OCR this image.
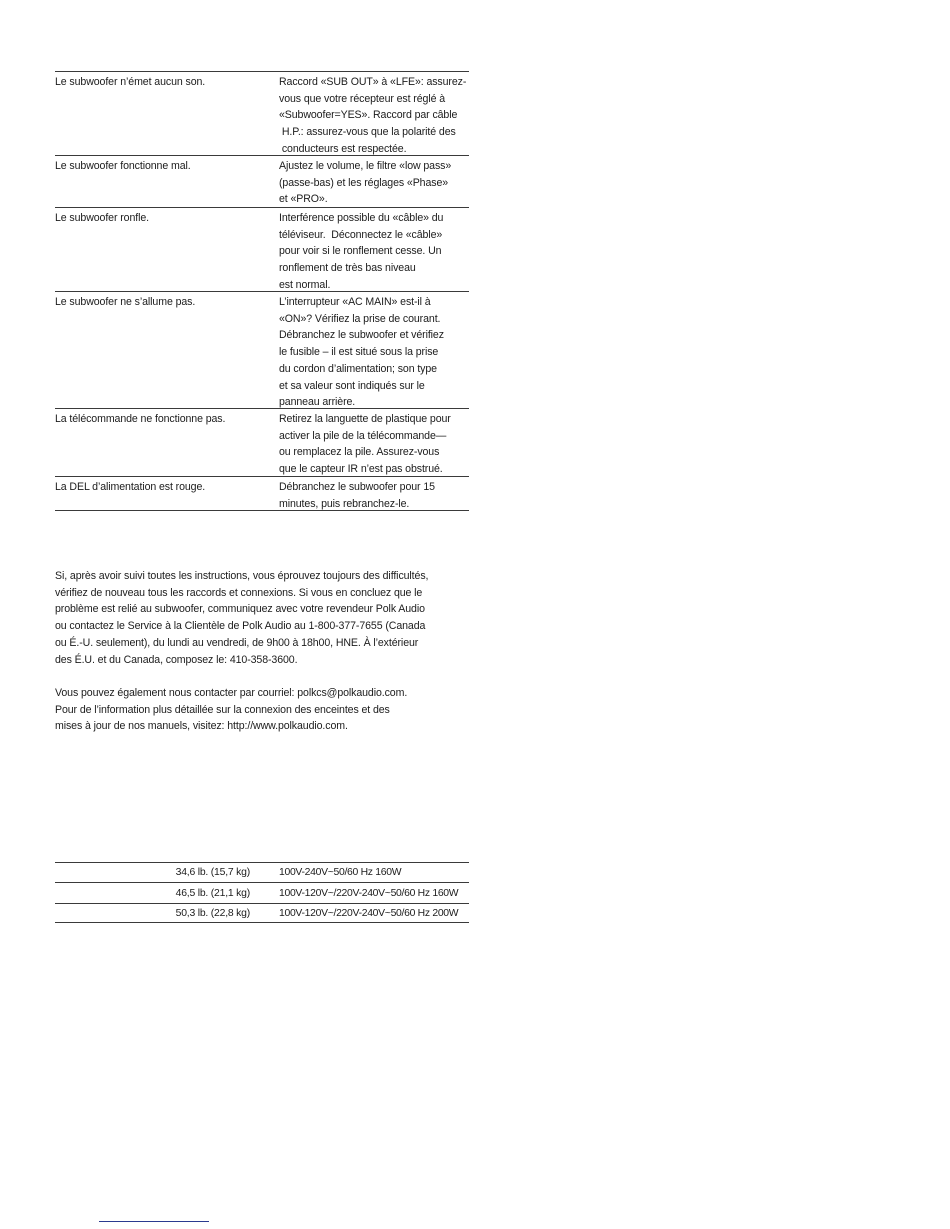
Le subwoofer n’émet aucun son.	Raccord «SUB OUT» à «LFE»: assurez-
vous que votre récepteur est réglé à
«Subwoofer=YES». Raccord par câble
H.P.: assurez-vous que la polarité des
conducteurs est respectée.
Le subwoofer fonctionne mal.	Ajustez le volume, le filtre «low pass»
(passe-bas) et les réglages «Phase»
et «PRO».
Le subwoofer ronfle.	Interférence possible du «câble» du
téléviseur.  Déconnectez le «câble»
pour voir si le ronflement cesse. Un
ronflement de très bas niveau
est normal.
Le subwoofer ne s’allume pas.	L’interrupteur «AC MAIN» est-il à
«ON»? Vérifiez la prise de courant.
Débranchez le subwoofer et vérifiez
le fusible – il est situé sous la prise
du cordon d’alimentation; son type
et sa valeur sont indiqués sur le
panneau arrière.
La télécommande ne fonctionne pas.	Retirez la languette de plastique pour
activer la pile de la télécommande—
ou remplacez la pile. Assurez-vous
que le capteur IR n’est pas obstrué.
La DEL d’alimentation est rouge.	Débranchez le subwoofer pour 15
minutes, puis rebranchez-le.
Si, après avoir suivi toutes les instructions, vous éprouvez toujours des difficultés,
vérifiez de nouveau tous les raccords et connexions. Si vous en concluez que le
problème est relié au subwoofer, communiquez avec votre revendeur Polk Audio
ou contactez le Service à la Clientèle de Polk Audio au 1-800-377-7655 (Canada
ou É.-U. seulement), du lundi au vendredi, de 9h00 à 18h00, HNE. À l’extérieur
des É.U. et du Canada, composez le: 410-358-3600.
Vous pouvez également nous contacter par courriel: polkcs@polkaudio.com.
Pour de l’information plus détaillée sur la connexion des enceintes et des
mises à jour de nos manuels, visitez: http://www.polkaudio.com.
34,6 lb. (15,7 kg)	100V-240V~50/60 Hz 160W
46,5 lb. (21,1 kg)	100V-120V~/220V-240V~50/60 Hz 160W
50,3 lb. (22,8 kg)	100V-120V~/220V-240V~50/60 Hz 200W
